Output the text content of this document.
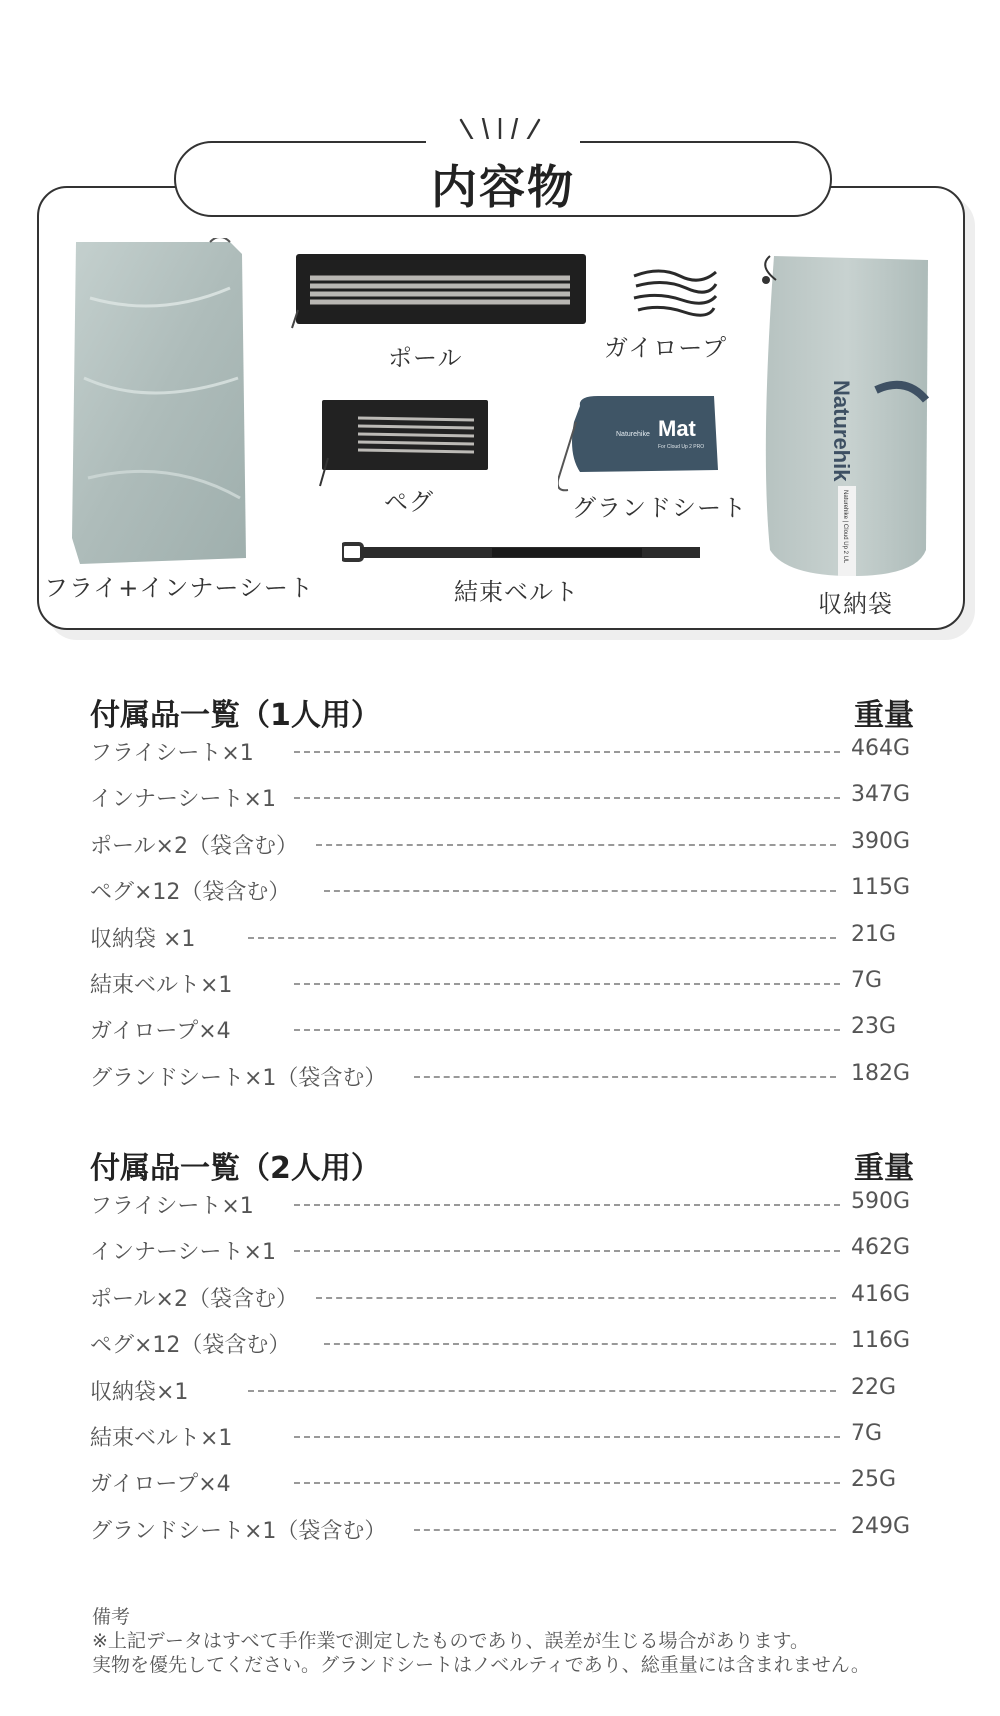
内容物
フライ+インナーシート
ポール	ガイロープ
ペグ
Mat
Naturehike
For Cloud Up 2 PRO
グランドシート
結束ベルト
Naturehik
Naturehike | Cloud Up 2 UL
収納袋
付属品一覧（1人用）	重量
フライシート×1	464G
インナーシート×1	347G
ポール×2（袋含む）	390G
ペグ×12（袋含む）	115G
収納袋 ×1	21G
結束ベルト×1	7G
ガイロープ×4	23G
グランドシート×1（袋含む）	182G
付属品一覧（2人用）	重量
フライシート×1	590G
インナーシート×1	462G
ポール×2（袋含む）	416G
ペグ×12（袋含む）	116G
収納袋×1	22G
結束ベルト×1	7G
ガイロープ×4	25G
グランドシート×1（袋含む）	249G
備考
※上記データはすべて手作業で測定したものであり、誤差が生じる場合があります。
実物を優先してください。グランドシートはノベルティであり、総重量には含まれません。
